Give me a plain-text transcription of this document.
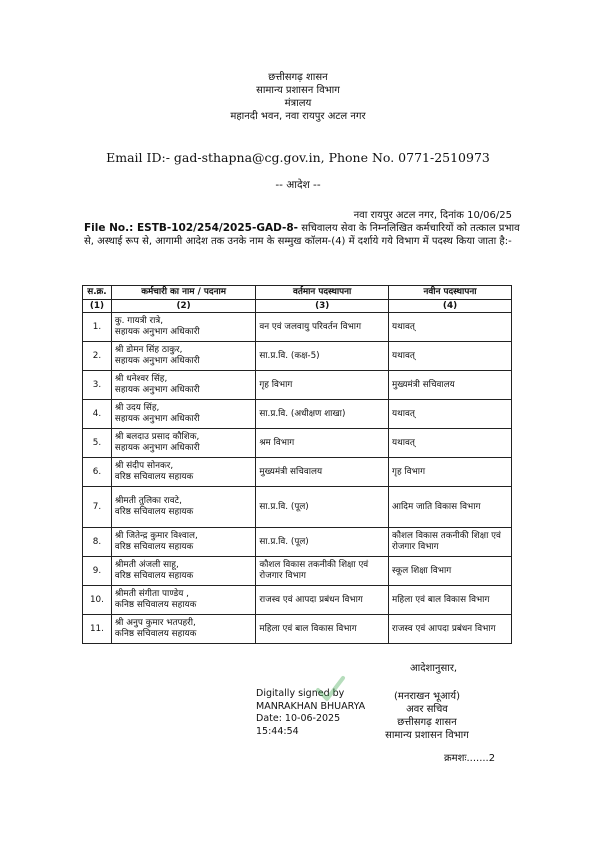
छत्तीसगढ़ शासन
सामान्य प्रशासन विभाग
मंत्रालय
महानदी भवन, नवा रायपुर अटल नगर
Email ID:- gad-sthapna@cg.gov.in, Phone No. 0771-2510973
-- आदेश --
नवा रायपुर अटल नगर, दिनांक 10/06/25
File No.: ESTB-102/254/2025-GAD-8- सचिवालय सेवा के निम्नलिखित कर्मचारियों को तत्काल प्रभाव से, अस्थाई रूप से, आगामी आदेश तक उनके नाम के सम्मुख कॉलम-(4) में दर्शाये गये विभाग में पदस्थ किया जाता है:-
स.क्र.	कर्मचारी का नाम / पदनाम	वर्तमान पदस्थापना	नवीन पदस्थापना
(1)	(2)	(3)	(4)
1.	कु. गायत्री रात्रे,
सहायक अनुभाग अधिकारी	वन एवं जलवायु परिवर्तन विभाग	यथावत्
2.	श्री डोमन सिंह ठाकुर,
सहायक अनुभाग अधिकारी	सा.प्र.वि. (कक्ष-5)	यथावत्
3.	श्री धनेश्वर सिंह,
सहायक अनुभाग अधिकारी	गृह विभाग	मुख्यमंत्री सचिवालय
4.	श्री उदय सिंह,
सहायक अनुभाग अधिकारी	सा.प्र.वि. (अधीक्षण शाखा)	यथावत्
5.	श्री बलदाउ प्रसाद कौशिक,
सहायक अनुभाग अधिकारी	श्रम विभाग	यथावत्
6.	श्री संदीप सोनकर,
वरिष्ठ सचिवालय सहायक	मुख्यमंत्री सचिवालय	गृह विभाग
7.	श्रीमती तुलिका रावटे,
वरिष्ठ सचिवालय सहायक	सा.प्र.वि. (पूल)	आदिम जाति विकास विभाग
8.	श्री जितेन्द्र कुमार विश्वाल,
वरिष्ठ सचिवालय सहायक	सा.प्र.वि. (पूल)	कौशल विकास तकनीकी शिक्षा एवं रोजगार विभाग
9.	श्रीमती अंजली साहू,
वरिष्ठ सचिवालय सहायक	कौशल विकास तकनीकी शिक्षा एवं रोजगार विभाग	स्कूल शिक्षा विभाग
10.	श्रीमती संगीता पाण्डेय ,
कनिष्ठ सचिवालय सहायक	राजस्व एवं आपदा प्रबंधन विभाग	महिला एवं बाल विकास विभाग
11.	श्री अनुप कुमार भतपहरी,
कनिष्ठ सचिवालय सहायक	महिला एवं बाल विकास विभाग	राजस्व एवं आपदा प्रबंधन विभाग
आदेशानुसार,
Digitally signed by
MANRAKHAN BHUARYA
Date: 10-06-2025
15:44:54
(मनराखन भूआर्य)
अवर सचिव
छत्तीसगढ़ शासन
सामान्य प्रशासन विभाग
क्रमशः.......2
